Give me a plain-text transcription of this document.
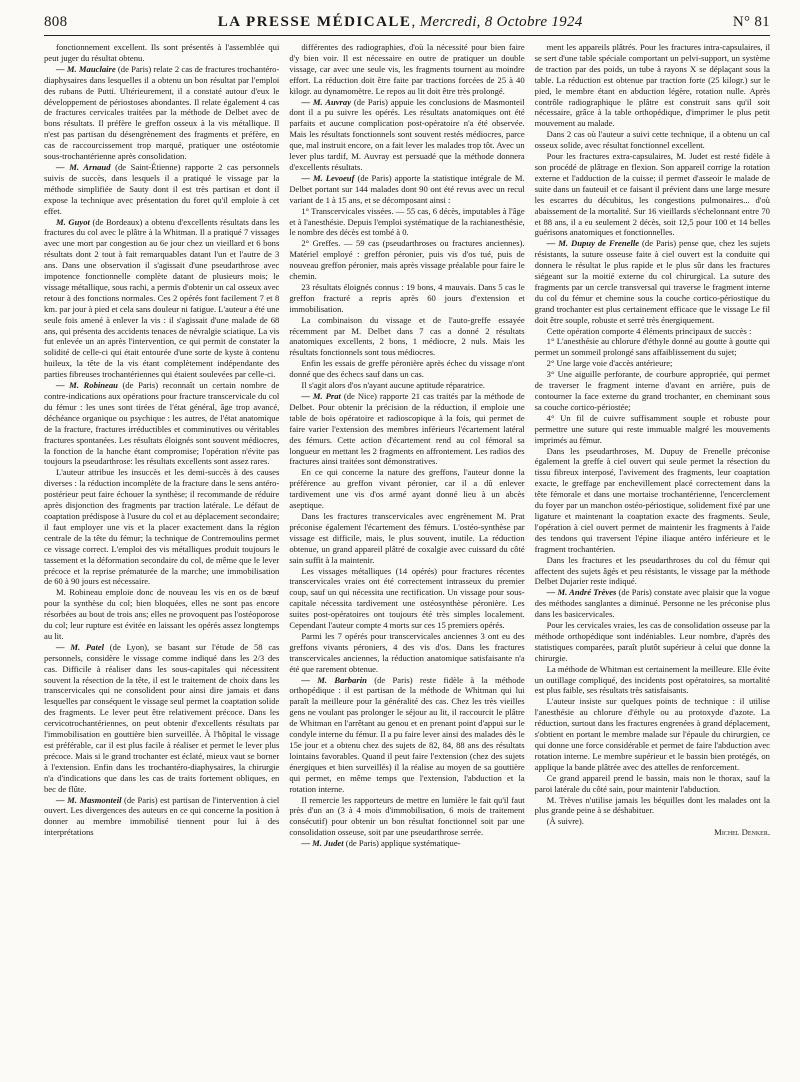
808	LA PRESSE MÉDICALE, Mercredi, 8 Octobre 1924	N° 81

fonctionnement excellent. Ils sont présentés à l'assemblée qui peut juger du résultat obtenu.

— M. Mauclaire (de Paris) relate 2 cas de fractures trochantéro-diaphysaires dans lesquelles il a obtenu un bon résultat par l'emploi des rubans de Putti. Ultérieurement, il a constaté autour d'eux le développement de périostoses abondantes. Il relate également 4 cas de fractures cervicales traitées par la méthode de Delbet avec de bons résultats. Il préfère le greffon osseux à la vis métallique. Il n'est pas partisan du désengrènement des fragments et préfère, en cas de raccourcissement trop marqué, pratiquer une ostéotomie sous-trochantérienne après consolidation.

— M. Arnaud (de Saint-Étienne) rapporte 2 cas personnels suivis de succès, dans lesquels il a pratiqué le vissage par la méthode simplifiée de Sauty dont il est très partisan et dont il expose la technique avec présentation du foret qu'il emploie à cet effet.

M. Guyot (de Bordeaux) a obtenu d'excellents résultats dans les fractures du col avec le plâtre à la Whitman. Il a pratiqué 7 vissages avec une mort par congestion au 6e jour chez un vieillard et 6 bons résultats dont 2 tout à fait remarquables datant l'un et l'autre de 3 ans. Dans une observation il s'agissait d'une pseudarthrose avec impotence fonctionnelle complète datant de plusieurs mois; le vissage métallique, sous rachi, a permis d'obtenir un cal osseux avec retour à des fonctions normales. Ces 2 opérés font facilement 7 et 8 km. par jour à pied et cela sans douleur ni fatigue. L'auteur a été une seule fois amené à enlever la vis : il s'agissait d'une malade de 68 ans, qui présenta des accidents tenaces de névralgie sciatique. La vis fut enlevée un an après l'intervention, ce qui permit de constater la solidité de celle-ci qui était entourée d'une sorte de kyste à contenu huileux, la tête de la vis étant complètement indépendante des parties fibreuses trochantériennes qui étaient soulevées par celle-ci.

— M. Robineau (de Paris) reconnaît un certain nombre de contre-indications aux opérations pour fracture transcervicale du col du fémur : les unes sont tirées de l'état général, âge trop avancé, déchéance organique ou psychique : les autres, de l'état anatomique de la fracture, fractures irréductibles et comminutives ou véritables fractures spontanées. Les résultats éloignés sont souvent médiocres, la fonction de la hanche étant compromise; l'opération n'évite pas toujours la pseudarthrose: les résultats excellents sont assez rares.

L'auteur attribue les insuccès et les demi-succès à des causes diverses : la réduction incomplète de la fracture dans le sens antéro-postérieur peut faire échouer la synthèse; il recommande de réduire après disjonction des fragments par traction latérale. Le défaut de coaptation prédispose à l'usure du col et au déplacement secondaire; il faut employer une vis et la placer exactement dans la région centrale de la tête du fémur; la technique de Contremoulins permet ce vissage correct. L'emploi des vis métalliques produit toujours le tassement et la déformation secondaire du col, de même que le lever précoce et la reprise prématurée de la marche; une immobilisation de 60 à 90 jours est nécessaire.

M. Robineau emploie donc de nouveau les vis en os de bœuf pour la synthèse du col; bien bloquées, elles ne sont pas encore résorbées au bout de trois ans; elles ne provoquent pas l'ostéoporose du col; leur rupture est évitée en laissant les opérés assez longtemps au lit.

— M. Patel (de Lyon), se basant sur l'étude de 58 cas personnels, considère le vissage comme indiqué dans les 2/3 des cas. Difficile à réaliser dans les sous-capitales qui nécessitent souvent la résection de la tête, il est le traitement de choix dans les transcervicales qui ne consolident pour ainsi dire jamais et dans lesquelles par conséquent le vissage seul permet la coaptation solide des fragments. Le lever peut être relativement précoce. Dans les cervicotrochantériennes, on peut obtenir d'excellents résultats par l'immobilisation en gouttière bien surveillée. À l'hôpital le vissage est préférable, car il est plus facile à réaliser et permet le lever plus précoce. Mais si le grand trochanter est éclaté, mieux vaut se borner à l'extension. Enfin dans les trochantéro-diaphysaires, la chirurgie n'a d'indications que dans les cas de traits fortement obliques, en bec de flûte.

— M. Masmonteil (de Paris) est partisan de l'intervention à ciel ouvert. Les divergences des auteurs en ce qui concerne la position à donner au membre immobilisé tiennent pour lui à des interprétations

différentes des radiographies, d'où la nécessité pour bien faire d'y bien voir. Il est nécessaire en outre de pratiquer un double vissage, car avec une seule vis, les fragments tournent au moindre effort. La réduction doit être faite par tractions forcées de 25 à 40 kilogr. au dynamomètre. Le repos au lit doit être très prolongé.

— M. Auvray (de Paris) appuie les conclusions de Masmonteil dont il a pu suivre les opérés. Les résultats anatomiques ont été parfaits et aucune complication post-opératoire n'a été observée. Mais les résultats fonctionnels sont souvent restés médiocres, parce que, mal instruit encore, on a fait lever les malades trop tôt. Avec un lever plus tardif, M. Auvray est persuadé que la méthode donnera d'excellents résultats.

— M. Levoeuf (de Paris) apporte la statistique intégrale de M. Delbet portant sur 144 malades dont 90 ont été revus avec un recul variant de 1 à 15 ans, et se décomposant ainsi :

1° Transcervicales vissées. — 55 cas, 6 décès, imputables à l'âge et à l'anesthésie. Depuis l'emploi systématique de la rachianesthésie, le nombre des décès est tombé à 0.

2° Greffes. — 59 cas (pseudarthroses ou fractures anciennes). Matériel employé : greffon péronier, puis vis d'os tué, puis de nouveau greffon péronier, mais après vissage préalable pour faire le chemin.

23 résultats éloignés connus : 19 bons, 4 mauvais. Dans 5 cas le greffon fracturé a repris après 60 jours d'extension et immobilisation.

La combinaison du vissage et de l'auto-greffe essayée récemment par M. Delbet dans 7 cas a donné 2 résultats anatomiques excellents, 2 bons, 1 médiocre, 2 nuls. Mais les résultats fonctionnels sont tous médiocres.

Enfin les essais de greffe péronière après échec du vissage n'ont donné que des échecs sauf dans un cas.

Il s'agit alors d'os n'ayant aucune aptitude réparatrice.

— M. Prat (de Nice) rapporte 21 cas traités par la méthode de Delbet. Pour obtenir la précision de la réduction, il emploie une table de bois opératoire et radioscopique à la fois, qui permet de faire varier l'extension des membres inférieurs l'écartement latéral des fémurs. Cette action d'écartement rend au col fémoral sa longueur en mettant les 2 fragments en affrontement. Les radios des fractures ainsi traitées sont démonstratives.

En ce qui concerne la nature des greffons, l'auteur donne la préférence au greffon vivant péronier, car il a dû enlever tardivement une vis d'os armé ayant donné lieu à un abcès aseptique.

Dans les fractures transcervicales avec engrènement M. Prat préconise également l'écartement des fémurs. L'ostéo-synthèse par vissage est difficile, mais, le plus souvent, inutile. La réduction obtenue, un grand appareil plâtré de coxalgie avec cuissard du côté sain suffit à la maintenir.

Les vissages métalliques (14 opérés) pour fractures récentes transcervicales vraies ont été correctement intrasseux du premier coup, sauf un qui nécessita une rectification. Un vissage pour sous-capitale nécessita tardivement une ostéosynthèse péronière. Les suites post-opératoires ont toujours été très simples localement. Cependant l'auteur compte 4 morts sur ces 15 premiers opérés.

Parmi les 7 opérés pour transcervicales anciennes 3 ont eu des greffons vivants péroniers, 4 des vis d'os. Dans les fractures transcervicales anciennes, la réduction anatomique satisfaisante n'a été que rarement obtenue.

— M. Barbarin (de Paris) reste fidèle à la méthode orthopédique : il est partisan de la méthode de Whitman qui lui paraît la meilleure pour la généralité des cas. Chez les très vieilles gens ne voulant pas prolonger le séjour au lit, il raccourcit le plâtre de Whitman en l'arrêtant au genou et en prenant point d'appui sur le condyle interne du fémur. Il a pu faire lever ainsi des malades dès le 15e jour et a obtenu chez des sujets de 82, 84, 88 ans des résultats lointains favorables. Quand il peut faire l'extension (chez des sujets énergiques et bien surveillés) il la réalise au moyen de sa gouttière qui permet, en même temps que l'extension, l'abduction et la rotation interne.

Il remercie les rapporteurs de mettre en lumière le fait qu'il faut près d'un an (3 à 4 mois d'immobilisation, 6 mois de traitement consécutif) pour obtenir un bon résultat fonctionnel soit par une consolidation osseuse, soit par une pseudarthrose serrée.

— M. Judet (de Paris) applique systématique-

ment les appareils plâtrés. Pour les fractures intra-capsulaires, il se sert d'une table spéciale comportant un pelvi-support, un système de traction par des poids, un tube à rayons X se déplaçant sous la table. La réduction est obtenue par traction forte (25 kilogr.) sur le pied, le membre étant en abduction légère, rotation nulle. Après contrôle radiographique le plâtre est construit sans qu'il soit nécessaire, grâce à la table orthopédique, d'imprimer le plus petit mouvement au malade.

Dans 2 cas où l'auteur a suivi cette technique, il a obtenu un cal osseux solide, avec résultat fonctionnel excellent.

Pour les fractures extra-capsulaires, M. Judet est resté fidèle à son procédé de plâtrage en flexion. Son appareil corrige la rotation externe et l'adduction de la cuisse; il permet d'asseoir le malade de suite dans un fauteuil et ce faisant il prévient dans une large mesure les escarres du décubitus, les congestions pulmonaires... d'où abaissement de la mortalité. Sur 16 vieillards s'échelonnant entre 70 et 88 ans, il a eu seulement 2 décès, soit 12,5 pour 100 et 14 belles guérisons anatomiques et fonctionnelles.

— M. Dupuy de Frenelle (de Paris) pense que, chez les sujets résistants, la suture osseuse faite à ciel ouvert est la conduite qui donnera le résultat le plus rapide et le plus sûr dans les fractures siégeant sur la moitié externe du col chirurgical. La suture des fragments par un cercle transversal qui traverse le fragment interne du col du fémur et chemine sous la couche cortico-périostique du grand trochanter est plus certainement efficace que le vissage Le fil doit être souple, robuste et serré très énergiquement.

Cette opération comporte 4 éléments principaux de succès :

1° L'anesthésie au chlorure d'éthyle donné au goutte à goutte qui permet un sommeil prolongé sans affaiblissement du sujet;

2° Une large voie d'accès antérieure;

3° Une aiguille perforante, de courbure appropriée, qui permet de traverser le fragment interne d'avant en arrière, puis de contourner la face externe du grand trochanter, en cheminant sous sa couche cortico-périostée;

4° Un fil de cuivre suffisamment souple et robuste pour permettre une suture qui reste immuable malgré les mouvements imprimés au fémur.

Dans les pseudarthroses, M. Dupuy de Frenelle préconise également la greffe à ciel ouvert qui seule permet la résection du tissu fibreux interposé, l'avivement des fragments, leur coaptation exacte, le greffage par enchevillement placé correctement dans la tête fémorale et dans une mortaise trochantérienne, l'encerclement du foyer par un manchon ostéo-périostique, solidement fixé par une ligature et maintenant la coaptation exacte des fragments. Seule, l'opération à ciel ouvert permet de maintenir les fragments à l'aide des tendons qui traversent l'épine iliaque antéro inférieure et le fragment trochantérien.

Dans les fractures et les pseudarthroses du col du fémur qui affectent des sujets âgés et peu résistants, le vissage par la méthode Delbet Dujarier reste indiqué.

— M. André Trèves (de Paris) constate avec plaisir que la vogue des méthodes sanglantes a diminué. Personne ne les préconise plus dans les basicervicales.

Pour les cervicales vraies, les cas de consolidation osseuse par la méthode orthopédique sont indéniables. Leur nombre, d'après des statistiques comparées, paraît plutôt supérieur à celui que donne la chirurgie.

La méthode de Whitman est certainement la meilleure. Elle évite un outillage compliqué, des incidents post opératoires, sa mortalité est plus faible, ses résultats très satisfaisants.

L'auteur insiste sur quelques points de technique : il utilise l'anesthésie au chlorure d'éthyle ou au protoxyde d'azote. La réduction, surtout dans les fractures engrenées à grand déplacement, s'obtient en portant le membre malade sur l'épaule du chirurgien, ce qui donne une force considérable et permet de faire l'abduction avec rotation interne. Le membre supérieur et le bassin bien protégés, on applique la bande plâtrée avec des attelles de renforcement.

Ce grand appareil prend le bassin, mais non le thorax, sauf la paroi latérale du côté sain, pour maintenir l'abduction.

M. Trèves n'utilise jamais les béquilles dont les malades ont la plus grande peine à se déshabituer.

(À suivre).

Michel Denker.
